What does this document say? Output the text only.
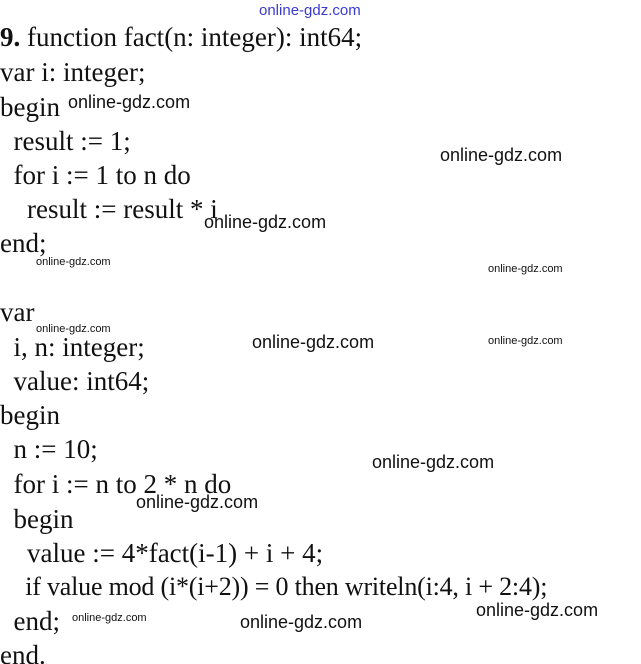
online-gdz.com
9. function fact(n: integer): int64;
var i: integer;
begin
result := 1;
for i := 1 to n do
result := result * i
end;
var
i, n: integer;
value: int64;
begin
n := 10;
for i := n to 2 * n do
begin
value := 4*fact(i-1) + i + 4;
if value mod (i*(i+2)) = 0 then writeln(i:4, i + 2:4);
end;
end.
online-gdz.com
online-gdz.com
online-gdz.com
online-gdz.com
online-gdz.com
online-gdz.com
online-gdz.com	online-gdz.com
online-gdz.com
online-gdz.com
online-gdz.com
online-gdz.com	online-gdz.com
